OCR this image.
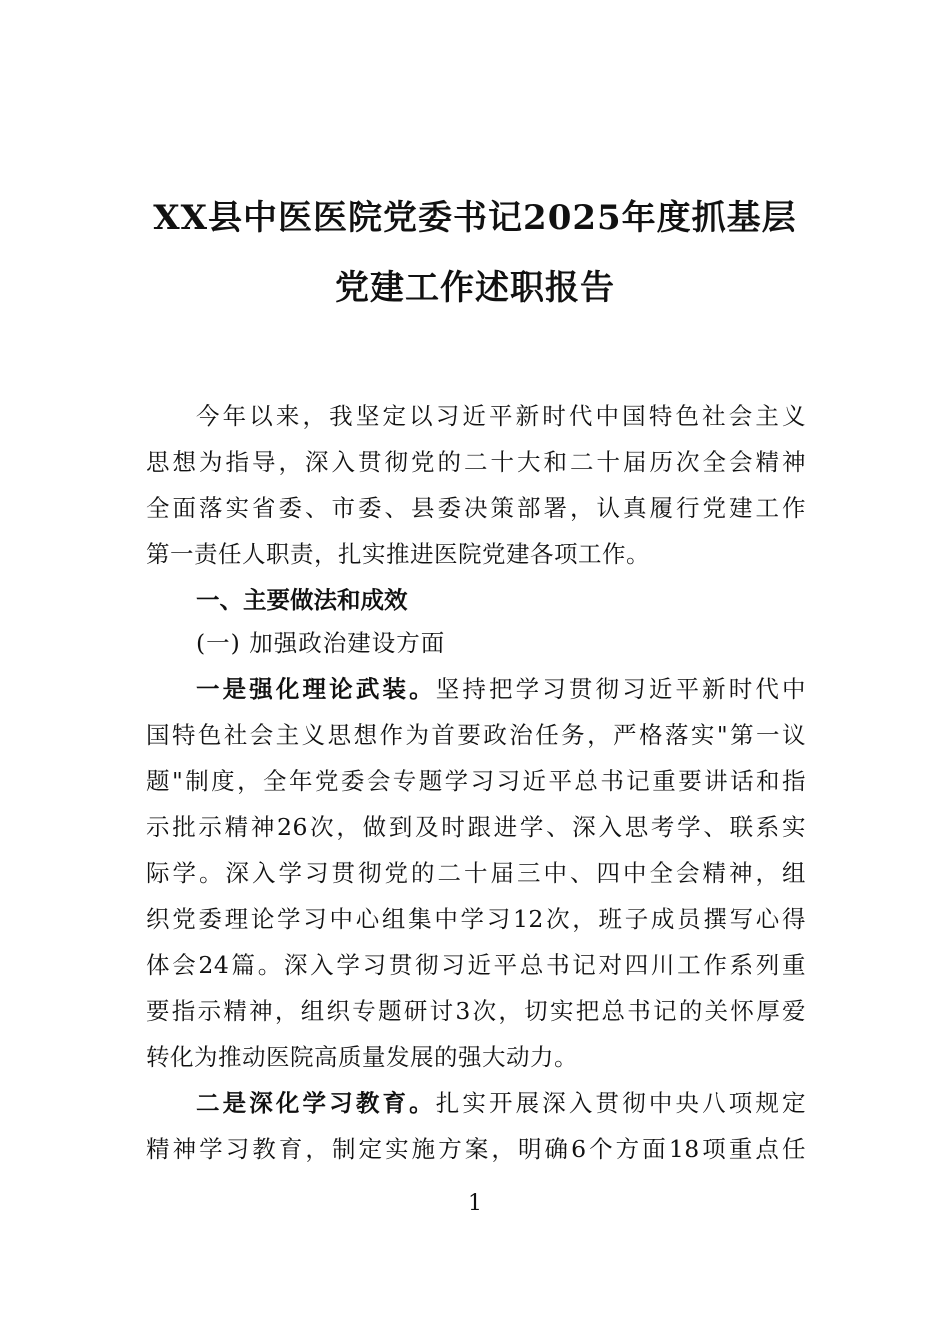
XX县中医医院党委书记2025年度抓基层
党建工作述职报告
今年以来，我坚定以习近平新时代中国特色社会主义
思想为指导，深入贯彻党的二十大和二十届历次全会精神
全面落实省委、市委、县委决策部署，认真履行党建工作
第一责任人职责，扎实推进医院党建各项工作。
一、主要做法和成效
(一) 加强政治建设方面
一是强化理论武装。坚持把学习贯彻习近平新时代中
国特色社会主义思想作为首要政治任务，严格落实"第一议
题"制度，全年党委会专题学习习近平总书记重要讲话和指
示批示精神26次，做到及时跟进学、深入思考学、联系实
际学。深入学习贯彻党的二十届三中、四中全会精神，组
织党委理论学习中心组集中学习12次，班子成员撰写心得
体会24篇。深入学习贯彻习近平总书记对四川工作系列重
要指示精神，组织专题研讨3次，切实把总书记的关怀厚爱
转化为推动医院高质量发展的强大动力。
二是深化学习教育。扎实开展深入贯彻中央八项规定
精神学习教育，制定实施方案，明确6个方面18项重点任
1
